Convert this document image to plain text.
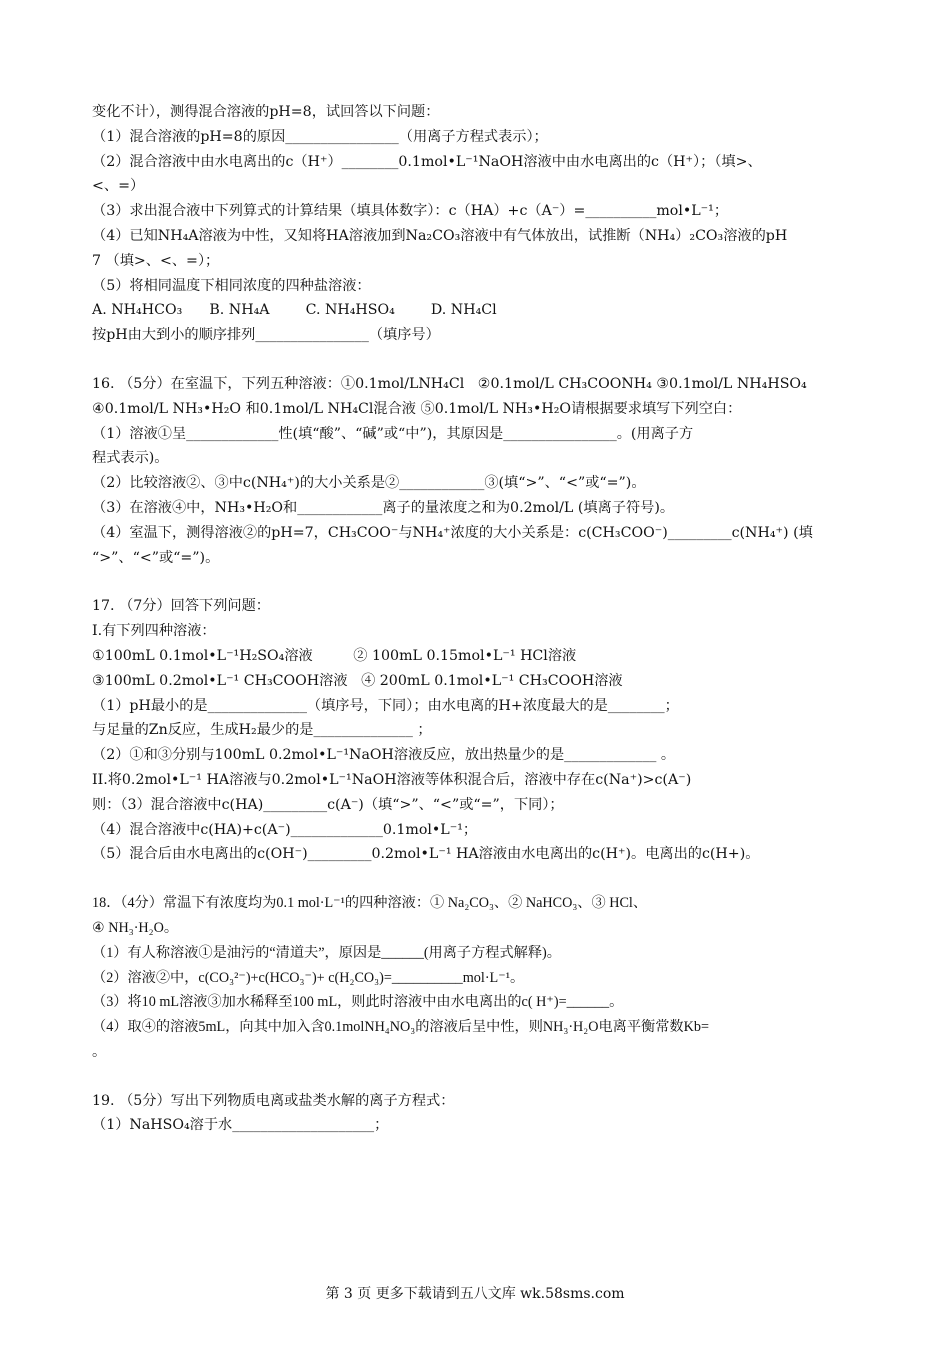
变化不计），测得混合溶液的pH=8，试回答以下问题：
（1）混合溶液的pH=8的原因________________（用离子方程式表示）；
（2）混合溶液中由水电离出的c（H⁺）________0.1mol•L⁻¹NaOH溶液中由水电离出的c（H⁺）；（填>、
<、=）
（3）求出混合液中下列算式的计算结果（填具体数字）：c（HA）+c（A⁻）=__________mol•L⁻¹；
（4）已知NH₄A溶液为中性，又知将HA溶液加到Na₂CO₃溶液中有气体放出，试推断（NH₄）₂CO₃溶液的pH
7 （填>、<、=）；
（5）将相同温度下相同浓度的四种盐溶液：
A. NH₄HCO₃      B. NH₄A        C. NH₄HSO₄        D. NH₄Cl
按pH由大到小的顺序排列________________（填序号）
16. （5分）在室温下，下列五种溶液：①0.1mol/LNH₄Cl   ②0.1mol/L CH₃COONH₄ ③0.1mol/L NH₄HSO₄
④0.1mol/L NH₃•H₂O 和0.1mol/L NH₄Cl混合液 ⑤0.1mol/L NH₃•H₂O请根据要求填写下列空白：
（1）溶液①呈_____________性(填“酸”、“碱”或“中”)，其原因是________________。(用离子方
程式表示)。
（2）比较溶液②、③中c(NH₄⁺)的大小关系是②____________③(填“>”、“<”或“=”)。
（3）在溶液④中，NH₃•H₂O和____________离子的量浓度之和为0.2mol/L (填离子符号)。
（4）室温下，测得溶液②的pH=7，CH₃COO⁻与NH₄⁺浓度的大小关系是：c(CH₃COO⁻)_________c(NH₄⁺) (填
“>”、“<”或“=”)。
17. （7分）回答下列问题：
I.有下列四种溶液：
①100mL 0.1mol•L⁻¹H₂SO₄溶液         ② 100mL 0.15mol•L⁻¹ HCl溶液
③100mL 0.2mol•L⁻¹ CH₃COOH溶液   ④ 200mL 0.1mol•L⁻¹ CH₃COOH溶液
（1）pH最小的是______________（填序号，下同）；由水电离的H+浓度最大的是________；
与足量的Zn反应，生成H₂最少的是______________ ；
（2）①和③分别与100mL 0.2mol•L⁻¹NaOH溶液反应，放出热量少的是_____________ 。
II.将0.2mol•L⁻¹ HA溶液与0.2mol•L⁻¹NaOH溶液等体积混合后，溶液中存在c(Na⁺)>c(A⁻)
则：（3）混合溶液中c(HA)_________c(A⁻)（填“>”、“<”或“=”，下同）；
（4）混合溶液中c(HA)+c(A⁻)_____________0.1mol•L⁻¹；
（5）混合后由水电离出的c(OH⁻)_________0.2mol•L⁻¹ HA溶液由水电离出的c(H⁺)。电离出的c(H+)。
18．（4分）常温下有浓度均为0.1 mol·L⁻¹的四种溶液：① Na₂CO₃、② NaHCO₃、③ HCl、
④ NH₃·H₂O。
（1）有人称溶液①是油污的“清道夫”，原因是______(用离子方程式解释)。
（2）溶液②中，c(CO₃²⁻)+c(HCO₃⁻)+ c(H₂CO₃)=__________mol·L⁻¹。
（3）将10 mL溶液③加水稀释至100 mL，则此时溶液中由水电离出的c( H⁺)=______。
（4）取④的溶液5mL，向其中加入含0.1molNH₄NO₃的溶液后呈中性，则NH₃·H₂O电离平衡常数Kb=
。
19. （5分）写出下列物质电离或盐类水解的离子方程式：
（1）NaHSO₄溶于水____________________；
第 3 页 更多下载请到五八文库 wk.58sms.com
